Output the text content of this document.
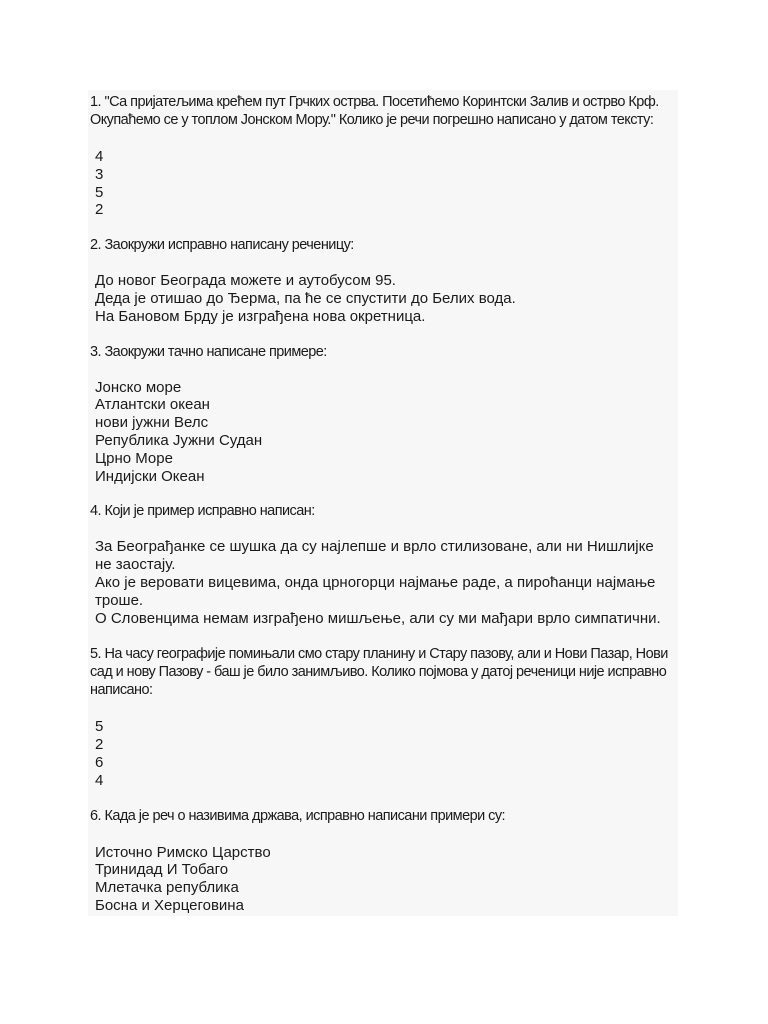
1. "Са пријатељима крећем пут Грчких острва. Посетићемо Коринтски Залив и острво Крф. Окупаћемо се у топлом Јонском Мору." Колико је речи погрешно написано у датом тексту:

4
3
5
2

2. Заокружи исправно написану реченицу:

До новог Београда можете и аутобусом 95.
Деда је отишао до Ђерма, па ће се спустити до Белих вода.
На Бановом Брду је изграђена нова окретница.

3. Заокружи тачно написане примере:

Јонско море
Атлантски океан
нови јужни Велс
Република Јужни Судан
Црно Море
Индијски Океан

4. Који је пример исправно написан:

За Београђанке се шушка да су најлепше и врло стилизоване, али ни Нишлијке не заостају.
Ако је веровати вицевима, онда црногорци најмање раде, а пироћанци најмање троше.
О Словенцима немам изграђено мишљење, али су ми мађари врло симпатични.

5. На часу географије помињали смо стару планину и Стару пазову, али и Нови Пазар, Нови сад и нову Пазову - баш је било занимљиво. Колико појмова у датој реченици није исправно написано:

5
2
6
4

6. Када је реч о називима држава, исправно написани примери су:

Источно Римско Царство
Тринидад И Тобаго
Млетачка република
Босна и Херцеговина
